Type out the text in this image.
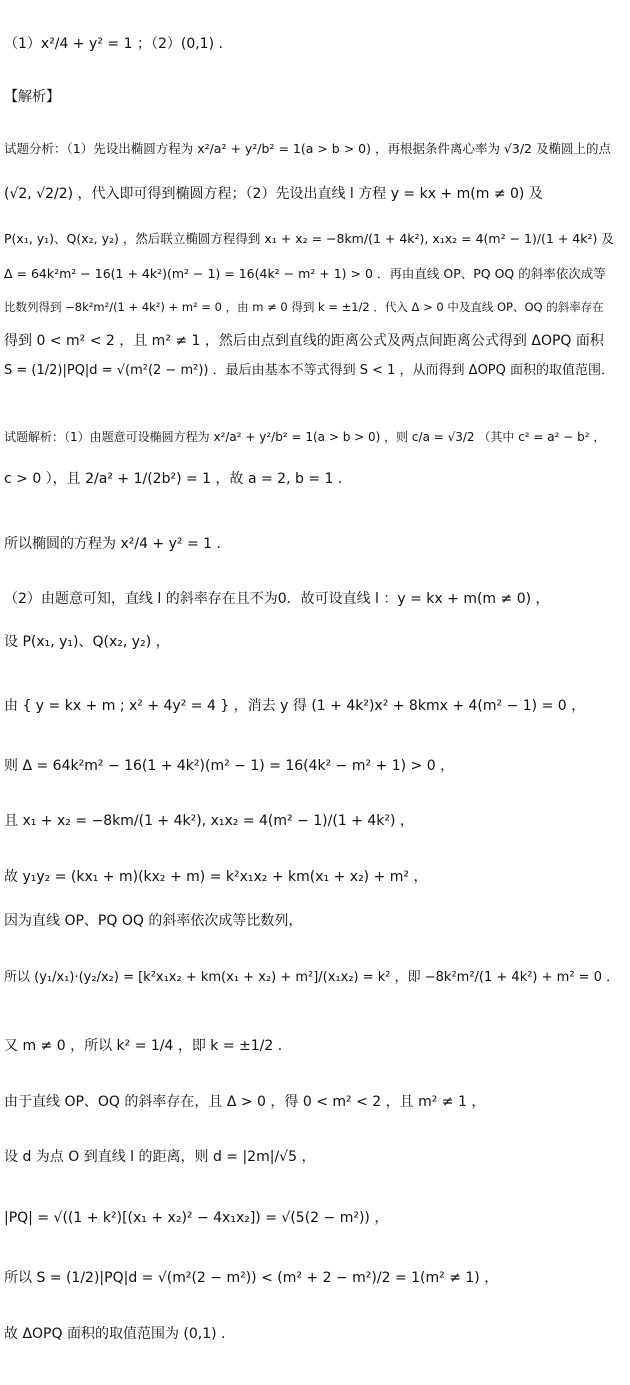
（1）x²/4 + y² = 1 ；（2）(0,1) .
【解析】
试题分析：（1）先设出椭圆方程为 x²/a² + y²/b² = 1(a > b > 0) ，再根据条件离心率为 √3/2 及椭圆上的点
(√2, √2/2) ，代入即可得到椭圆方程；（2）先设出直线 l 方程 y = kx + m(m ≠ 0) 及
P(x₁, y₁)、Q(x₂, y₂) ，然后联立椭圆方程得到 x₁ + x₂ = −8km/(1 + 4k²), x₁x₂ = 4(m² − 1)/(1 + 4k²) 及
Δ = 64k²m² − 16(1 + 4k²)(m² − 1) = 16(4k² − m² + 1) > 0 ．再由直线 OP、PQ OQ 的斜率依次成等
比数列得到 −8k²m²/(1 + 4k²) + m² = 0 ，由 m ≠ 0 得到 k = ±1/2 ．代入 Δ > 0 中及直线 OP、OQ 的斜率存在
得到 0 < m² < 2 ，且 m² ≠ 1 ，然后由点到直线的距离公式及两点间距离公式得到 ΔOPQ 面积
S = (1/2)|PQ|d = √(m²(2 − m²)) ．最后由基本不等式得到 S < 1 ，从而得到 ΔOPQ 面积的取值范围．
试题解析：（1）由题意可设椭圆方程为 x²/a² + y²/b² = 1(a > b > 0) ，则 c/a = √3/2 （其中 c² = a² − b² ，
c > 0 ），且 2/a² + 1/(2b²) = 1 ，故 a = 2, b = 1 ．
所以椭圆的方程为 x²/4 + y² = 1 ．
（2）由题意可知，直线 l 的斜率存在且不为0．故可设直线 l ：y = kx + m(m ≠ 0) ，
设 P(x₁, y₁)、Q(x₂, y₂) ，
由 { y = kx + m ; x² + 4y² = 4 } ，消去 y 得 (1 + 4k²)x² + 8kmx + 4(m² − 1) = 0 ，
则 Δ = 64k²m² − 16(1 + 4k²)(m² − 1) = 16(4k² − m² + 1) > 0 ，
且 x₁ + x₂ = −8km/(1 + 4k²), x₁x₂ = 4(m² − 1)/(1 + 4k²) ，
故 y₁y₂ = (kx₁ + m)(kx₂ + m) = k²x₁x₂ + km(x₁ + x₂) + m² ，
因为直线 OP、PQ OQ 的斜率依次成等比数列，
所以 (y₁/x₁)·(y₂/x₂) = [k²x₁x₂ + km(x₁ + x₂) + m²]/(x₁x₂) = k² ，即 −8k²m²/(1 + 4k²) + m² = 0 ．
又 m ≠ 0 ，所以 k² = 1/4 ，即 k = ±1/2 ．
由于直线 OP、OQ 的斜率存在，且 Δ > 0 ，得 0 < m² < 2 ，且 m² ≠ 1 ，
设 d 为点 O 到直线 l 的距离，则 d = |2m|/√5 ，
|PQ| = √((1 + k²)[(x₁ + x₂)² − 4x₁x₂]) = √(5(2 − m²)) ，
所以 S = (1/2)|PQ|d = √(m²(2 − m²)) < (m² + 2 − m²)/2 = 1(m² ≠ 1) ，
故 ΔOPQ 面积的取值范围为 (0,1) ．
